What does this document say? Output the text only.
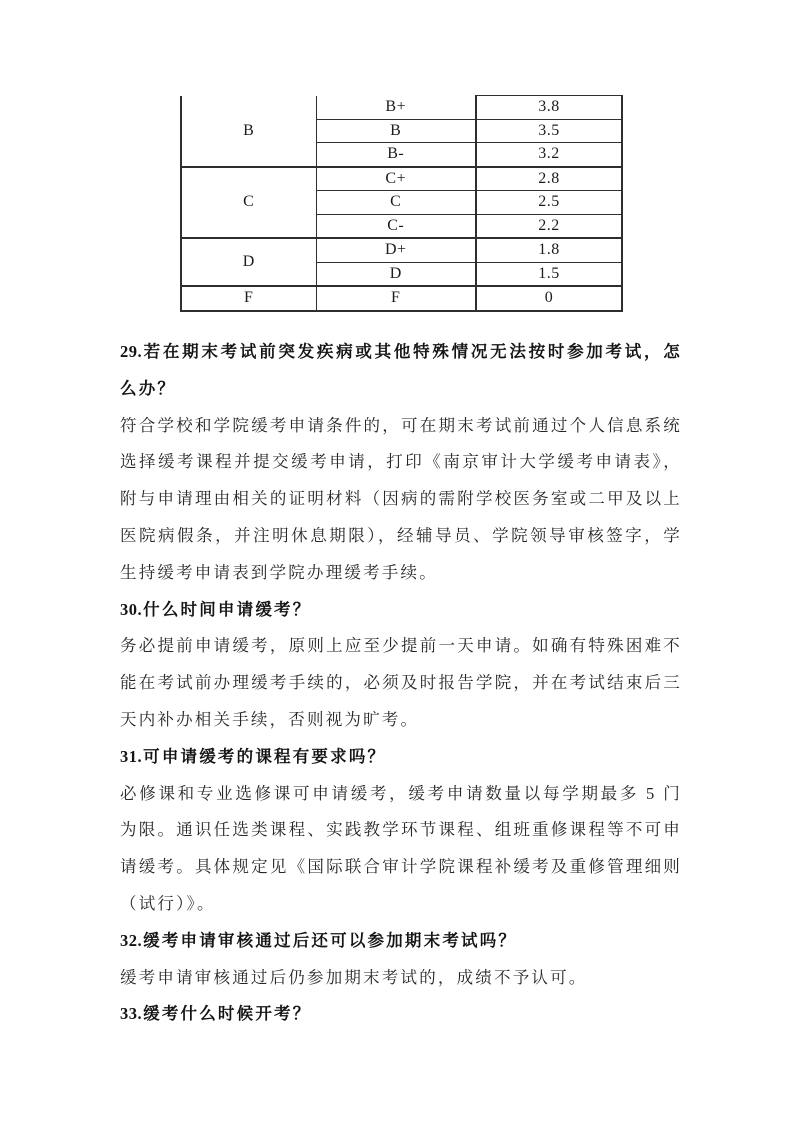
B	B+	3.8
	B	3.5
	B-	3.2
C	C+	2.8
	C	2.5
	C-	2.2
D	D+	1.8
	D	1.5
F	F	0

29.若在期末考试前突发疾病或其他特殊情况无法按时参加考试，怎么办？

符合学校和学院缓考申请条件的，可在期末考试前通过个人信息系统选择缓考课程并提交缓考申请，打印《南京审计大学缓考申请表》，附与申请理由相关的证明材料（因病的需附学校医务室或二甲及以上医院病假条，并注明休息期限），经辅导员、学院领导审核签字，学生持缓考申请表到学院办理缓考手续。

30.什么时间申请缓考？

务必提前申请缓考，原则上应至少提前一天申请。如确有特殊困难不能在考试前办理缓考手续的，必须及时报告学院，并在考试结束后三天内补办相关手续，否则视为旷考。

31.可申请缓考的课程有要求吗？

必修课和专业选修课可申请缓考，缓考申请数量以每学期最多 5 门为限。通识任选类课程、实践教学环节课程、组班重修课程等不可申请缓考。具体规定见《国际联合审计学院课程补缓考及重修管理细则（试行）》。

32.缓考申请审核通过后还可以参加期末考试吗？

缓考申请审核通过后仍参加期末考试的，成绩不予认可。

33.缓考什么时候开考？
